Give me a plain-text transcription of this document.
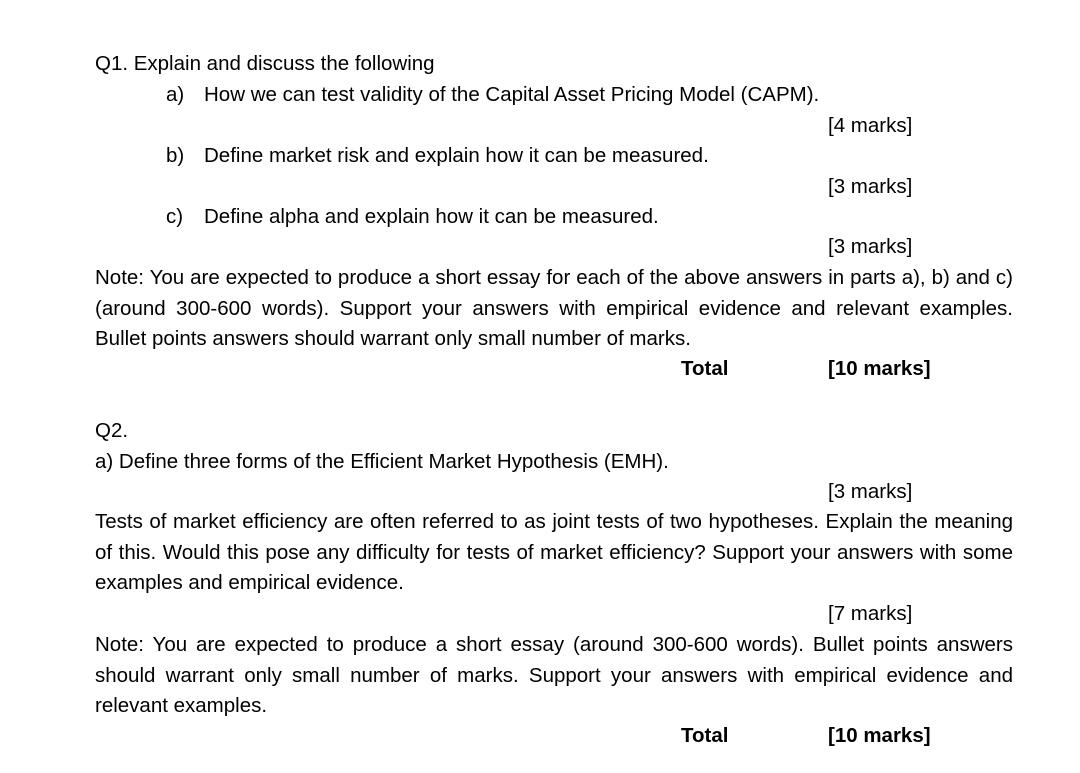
Q1. Explain and discuss the following
a) How we can test validity of the Capital Asset Pricing Model (CAPM).
[4 marks]
b) Define market risk and explain how it can be measured.
[3 marks]
c) Define alpha and explain how it can be measured.
[3 marks]
Note: You are expected to produce a short essay for each of the above answers in parts a), b) and c) (around 300-600 words). Support your answers with empirical evidence and relevant examples. Bullet points answers should warrant only small number of marks.
Total	[10 marks]
Q2.
a) Define three forms of the Efficient Market Hypothesis (EMH).
[3 marks]
Tests of market efficiency are often referred to as joint tests of two hypotheses. Explain the meaning of this. Would this pose any difficulty for tests of market efficiency? Support your answers with some examples and empirical evidence.
[7 marks]
Note: You are expected to produce a short essay (around 300-600 words). Bullet points answers should warrant only small number of marks. Support your answers with empirical evidence and relevant examples.
Total	[10 marks]
